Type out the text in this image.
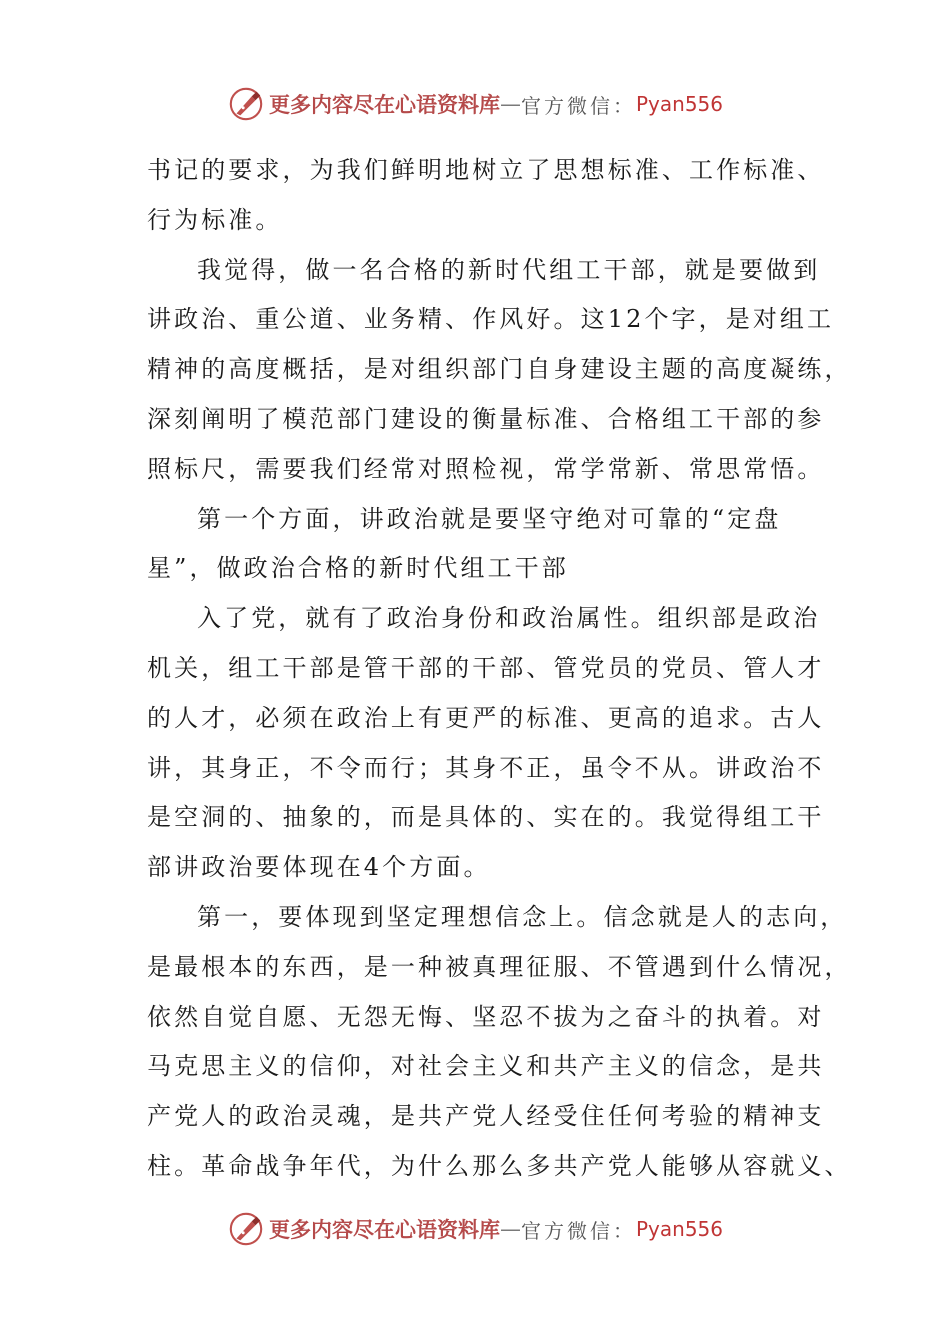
更多内容尽在心语资料库 — 官方微信： Pyan556
书记的要求，为我们鲜明地树立了思想标准、工作标准、
行为标准。
我觉得，做一名合格的新时代组工干部，就是要做到
讲政治、重公道、业务精、作风好。这12个字，是对组工
精神的高度概括，是对组织部门自身建设主题的高度凝练，
深刻阐明了模范部门建设的衡量标准、合格组工干部的参
照标尺，需要我们经常对照检视，常学常新、常思常悟。
第一个方面，讲政治就是要坚守绝对可靠的“定盘
星”，做政治合格的新时代组工干部
入了党，就有了政治身份和政治属性。组织部是政治
机关，组工干部是管干部的干部、管党员的党员、管人才
的人才，必须在政治上有更严的标准、更高的追求。古人
讲，其身正，不令而行；其身不正，虽令不从。讲政治不
是空洞的、抽象的，而是具体的、实在的。我觉得组工干
部讲政治要体现在4个方面。
第一，要体现到坚定理想信念上。信念就是人的志向，
是最根本的东西，是一种被真理征服、不管遇到什么情况，
依然自觉自愿、无怨无悔、坚忍不拔为之奋斗的执着。对
马克思主义的信仰，对社会主义和共产主义的信念，是共
产党人的政治灵魂，是共产党人经受住任何考验的精神支
柱。革命战争年代，为什么那么多共产党人能够从容就义、
更多内容尽在心语资料库 — 官方微信： Pyan556
